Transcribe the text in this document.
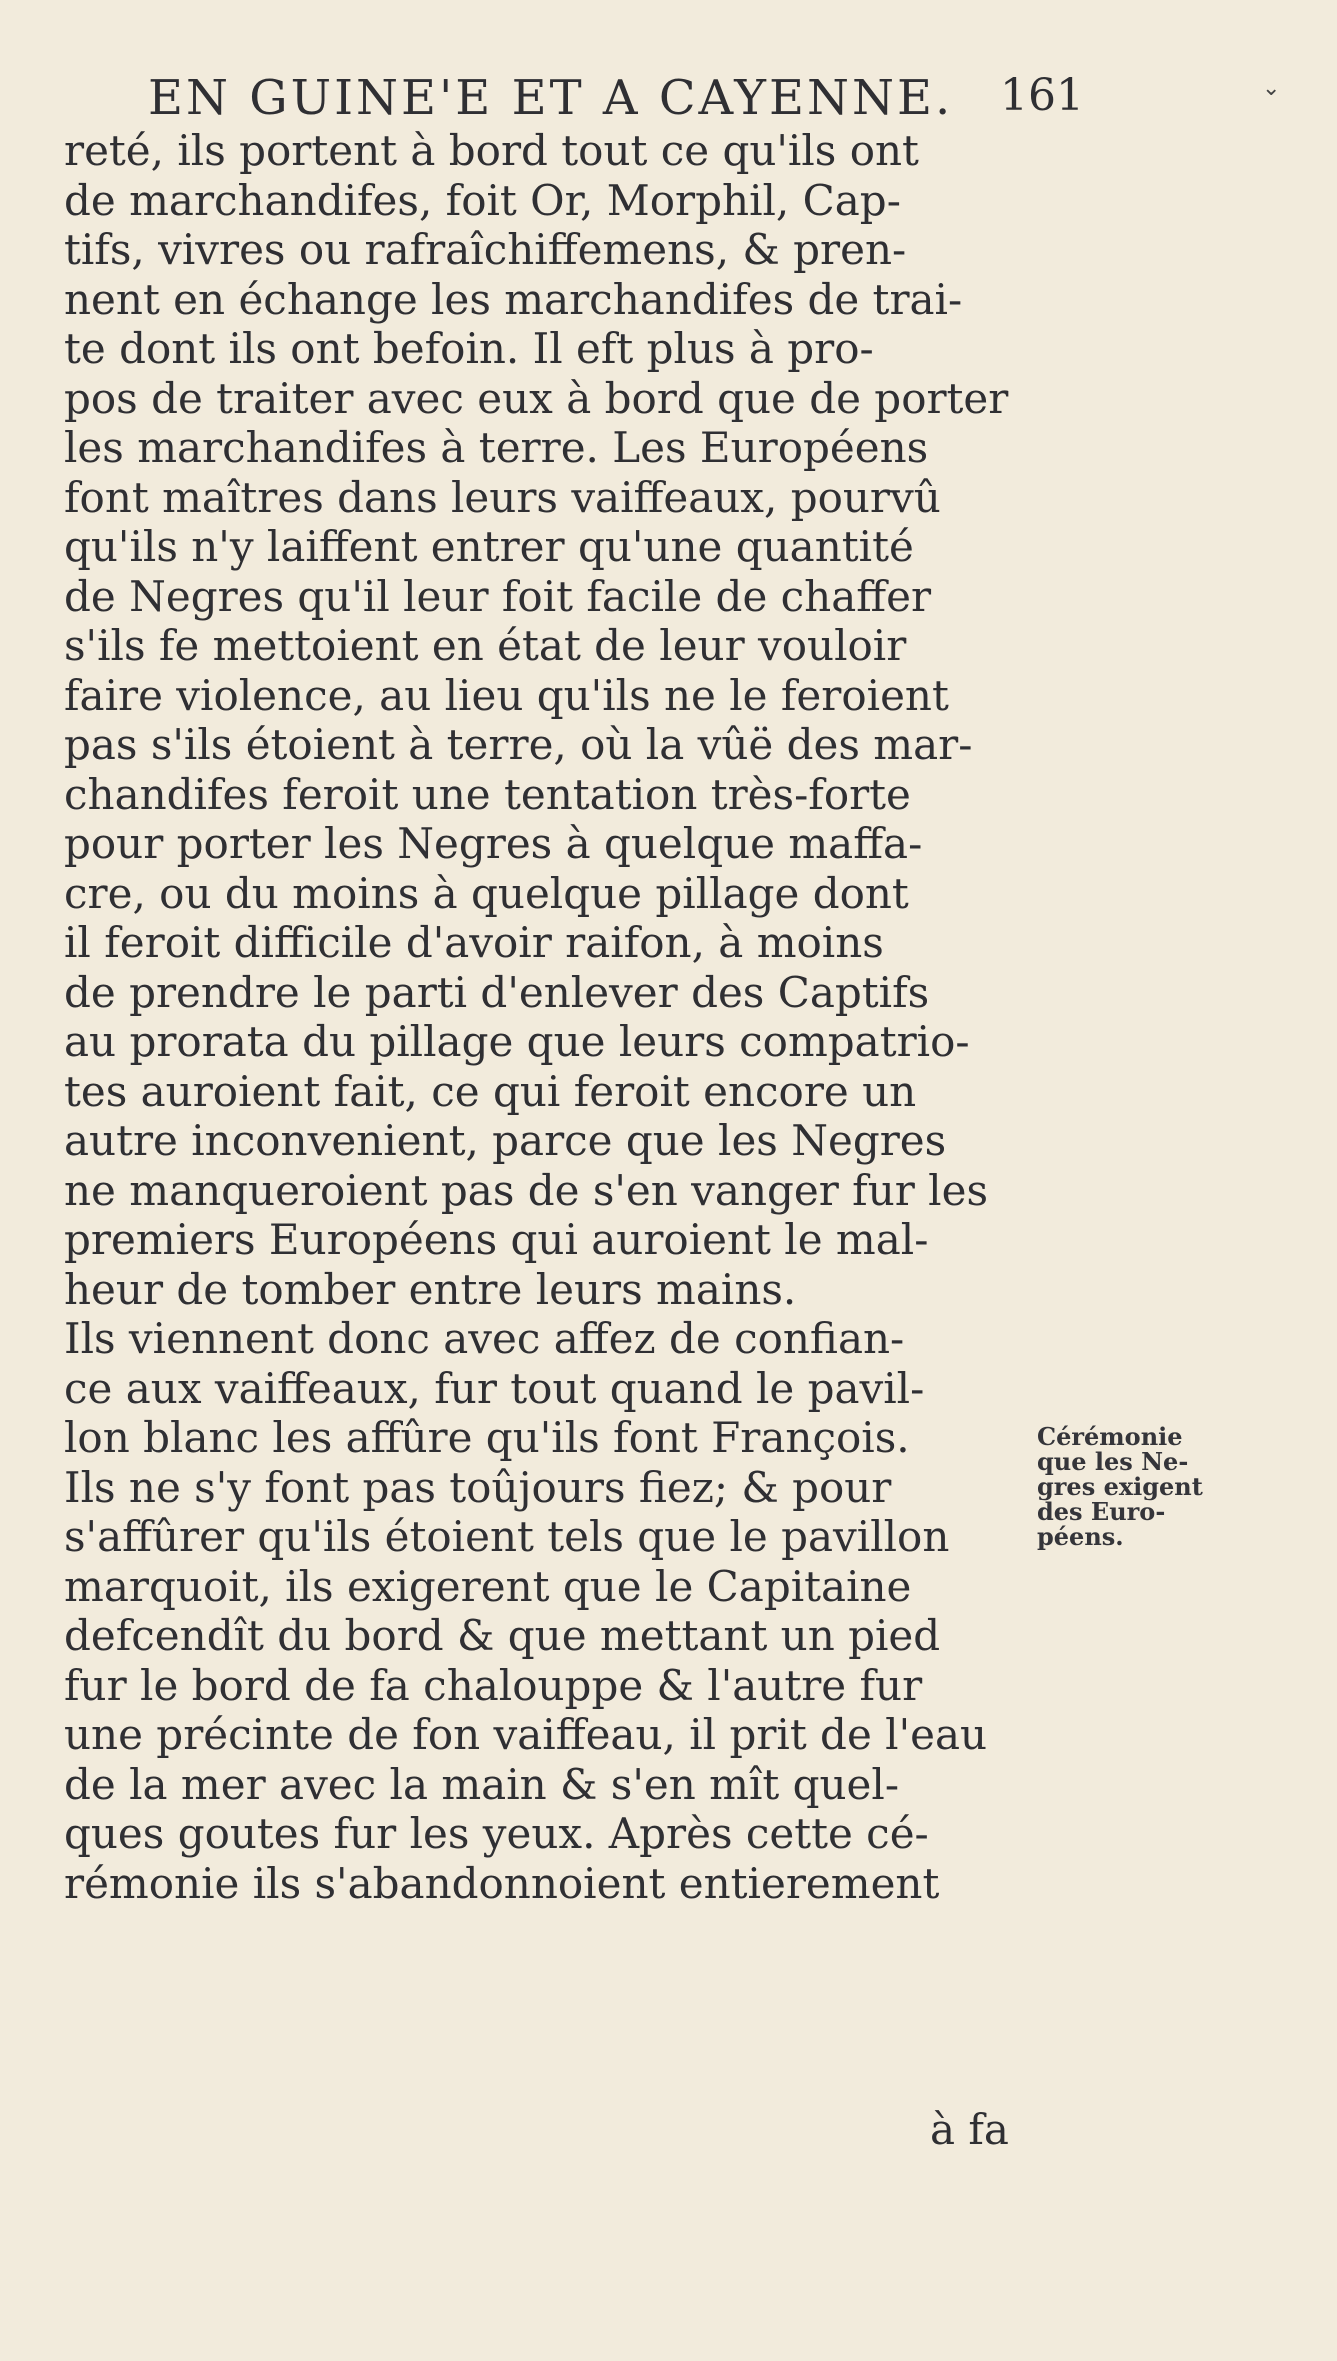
EN GUINE'E ET A CAYENNE. 161	⌄
reté, ils portent à bord tout ce qu'ils ont
de marchandifes, foit Or, Morphil, Cap-
tifs, vivres ou rafraîchiffemens, & pren-
nent en échange les marchandifes de trai-
te dont ils ont befoin. Il eft plus à pro-
pos de traiter avec eux à bord que de porter
les marchandifes à terre. Les Européens
font maîtres dans leurs vaiffeaux, pourvû
qu'ils n'y laiffent entrer qu'une quantité
de Negres qu'il leur foit facile de chaffer
s'ils fe mettoient en état de leur vouloir
faire violence, au lieu qu'ils ne le feroient
pas s'ils étoient à terre, où la vûë des mar-
chandifes feroit une tentation très-forte
pour porter les Negres à quelque maffa-
cre, ou du moins à quelque pillage dont
il feroit difficile d'avoir raifon, à moins
de prendre le parti d'enlever des Captifs
au prorata du pillage que leurs compatrio-
tes auroient fait, ce qui feroit encore un
autre inconvenient, parce que les Negres
ne manqueroient pas de s'en vanger fur les
premiers Européens qui auroient le mal-
heur de tomber entre leurs mains.
Ils viennent donc avec affez de confian-
ce aux vaiffeaux, fur tout quand le pavil-
lon blanc les affûre qu'ils font François.
Ils ne s'y font pas toûjours fiez; & pour
s'affûrer qu'ils étoient tels que le pavillon
marquoit, ils exigerent que le Capitaine
defcendît du bord & que mettant un pied
fur le bord de fa chalouppe & l'autre fur
une précinte de fon vaiffeau, il prit de l'eau
de la mer avec la main & s'en mît quel-
ques goutes fur les yeux. Après cette cé-
rémonie ils s'abandonnoient entierement
à fa
Cérémonie
que les Ne-
gres exigent
des Euro-
péens.
